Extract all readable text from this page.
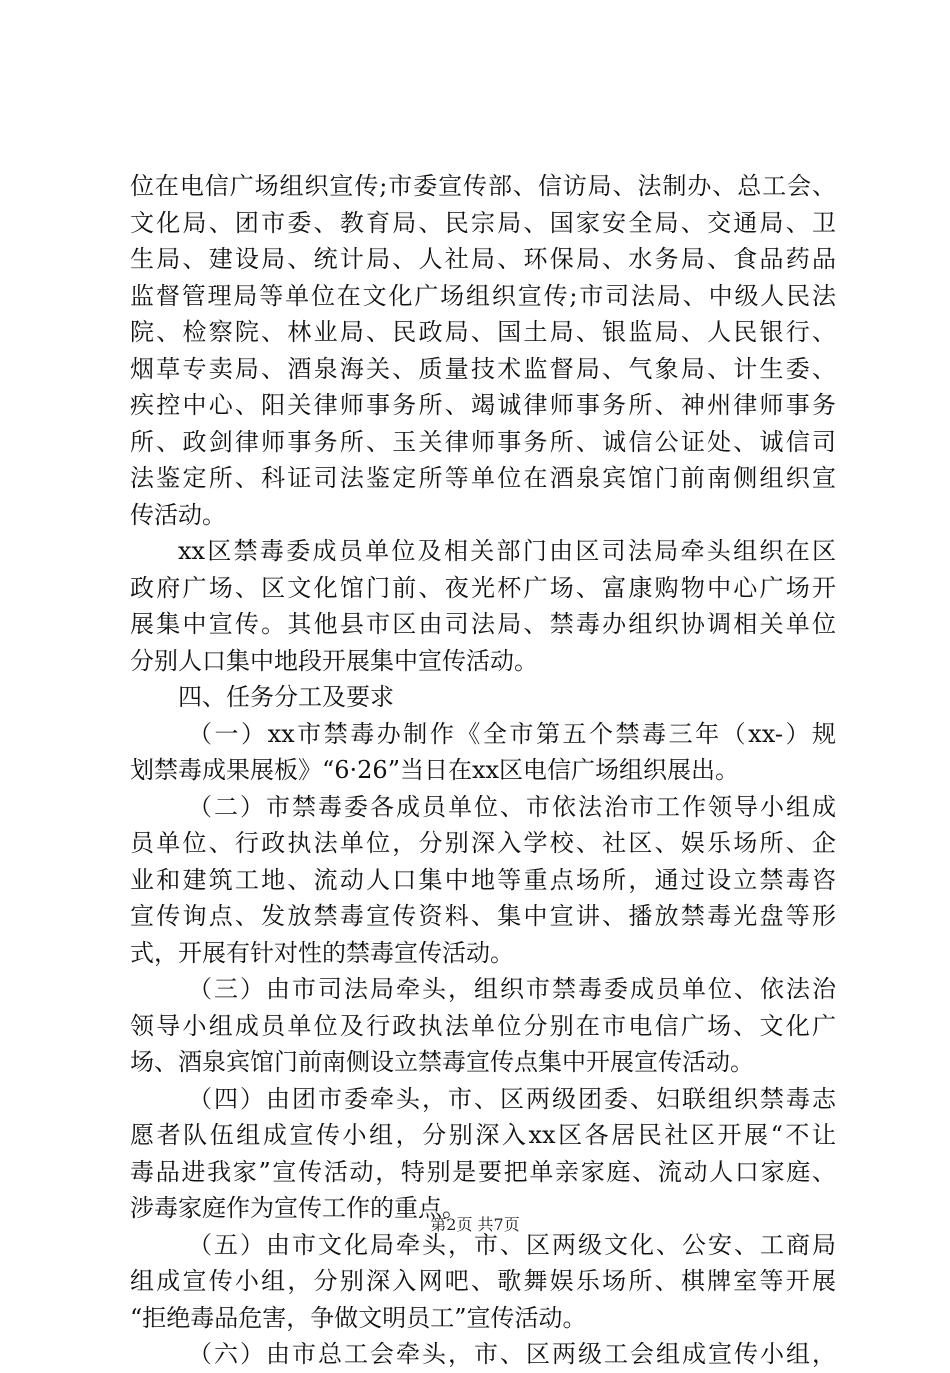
位在电信广场组织宣传;市委宣传部、信访局、法制办、总工会、
文化局、团市委、教育局、民宗局、国家安全局、交通局、卫
生局、建设局、统计局、人社局、环保局、水务局、食品药品
监督管理局等单位在文化广场组织宣传;市司法局、中级人民法
院、检察院、林业局、民政局、国土局、银监局、人民银行、
烟草专卖局、酒泉海关、质量技术监督局、气象局、计生委、
疾控中心、阳关律师事务所、竭诚律师事务所、神州律师事务
所、政剑律师事务所、玉关律师事务所、诚信公证处、诚信司
法鉴定所、科证司法鉴定所等单位在酒泉宾馆门前南侧组织宣
传活动。
xx区禁毒委成员单位及相关部门由区司法局牵头组织在区
政府广场、区文化馆门前、夜光杯广场、富康购物中心广场开
展集中宣传。其他县市区由司法局、禁毒办组织协调相关单位
分别人口集中地段开展集中宣传活动。
四、任务分工及要求
（一）xx市禁毒办制作《全市第五个禁毒三年（xx-）规
划禁毒成果展板》“6·26”当日在xx区电信广场组织展出。
（二）市禁毒委各成员单位、市依法治市工作领导小组成
员单位、行政执法单位，分别深入学校、社区、娱乐场所、企
业和建筑工地、流动人口集中地等重点场所，通过设立禁毒咨
宣传询点、发放禁毒宣传资料、集中宣讲、播放禁毒光盘等形
式，开展有针对性的禁毒宣传活动。
（三）由市司法局牵头，组织市禁毒委成员单位、依法治
领导小组成员单位及行政执法单位分别在市电信广场、文化广
场、酒泉宾馆门前南侧设立禁毒宣传点集中开展宣传活动。
（四）由团市委牵头，市、区两级团委、妇联组织禁毒志
愿者队伍组成宣传小组，分别深入xx区各居民社区开展“不让
毒品进我家”宣传活动，特别是要把单亲家庭、流动人口家庭、
涉毒家庭作为宣传工作的重点。
（五）由市文化局牵头，市、区两级文化、公安、工商局
组成宣传小组，分别深入网吧、歌舞娱乐场所、棋牌室等开展
“拒绝毒品危害，争做文明员工”宣传活动。
（六）由市总工会牵头，市、区两级工会组成宣传小组，
第2页 共7页
